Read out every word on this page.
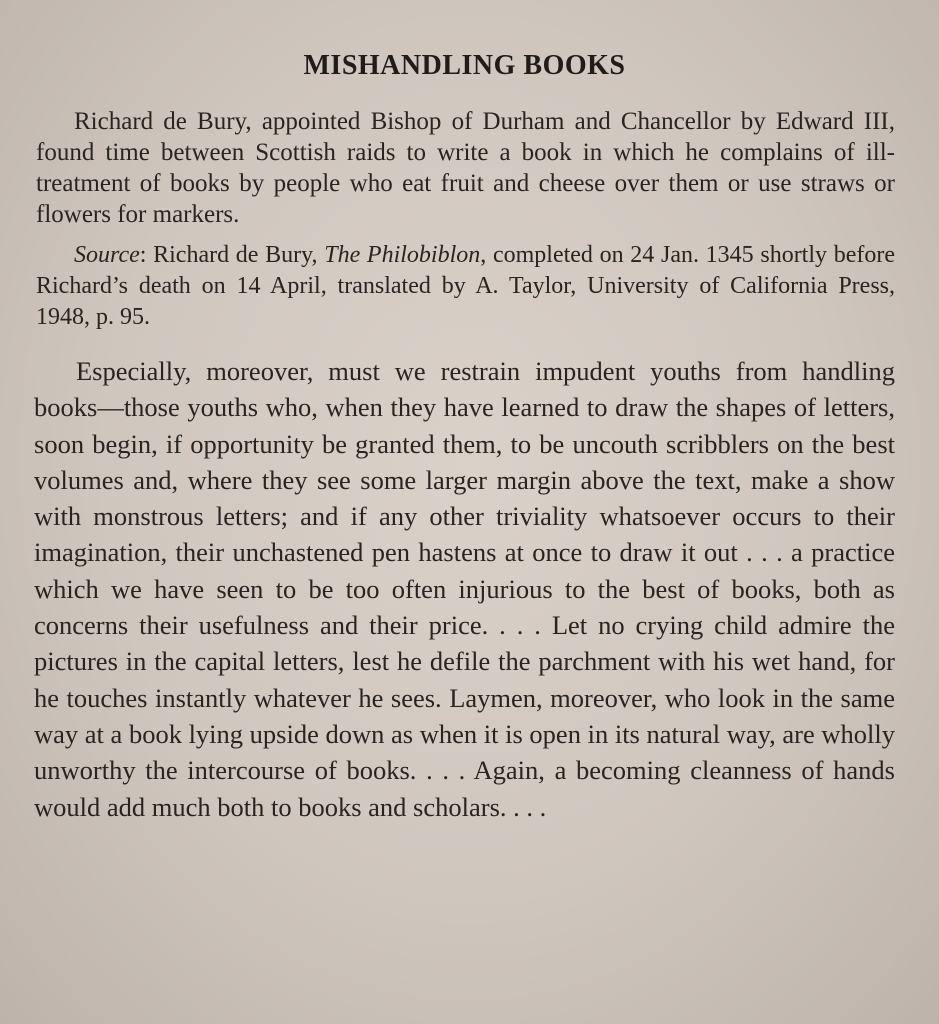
MISHANDLING BOOKS

Richard de Bury, appointed Bishop of Durham and Chancellor by Edward III, found time between Scottish raids to write a book in which he complains of ill-treatment of books by people who eat fruit and cheese over them or use straws or flowers for markers.

Source: Richard de Bury, The Philobiblon, completed on 24 Jan. 1345 shortly before Richard’s death on 14 April, translated by A. Taylor, University of California Press, 1948, p. 95.

Especially, moreover, must we restrain impudent youths from handling books—those youths who, when they have learned to draw the shapes of letters, soon begin, if opportunity be granted them, to be uncouth scribblers on the best volumes and, where they see some larger margin above the text, make a show with monstrous letters; and if any other triviality whatsoever occurs to their imagination, their unchastened pen hastens at once to draw it out . . . a practice which we have seen to be too often injurious to the best of books, both as concerns their usefulness and their price. . . . Let no crying child admire the pictures in the capital letters, lest he defile the parchment with his wet hand, for he touches instantly whatever he sees. Laymen, moreover, who look in the same way at a book lying upside down as when it is open in its natural way, are wholly unworthy the intercourse of books. . . . Again, a becoming cleanness of hands would add much both to books and scholars. . . .
